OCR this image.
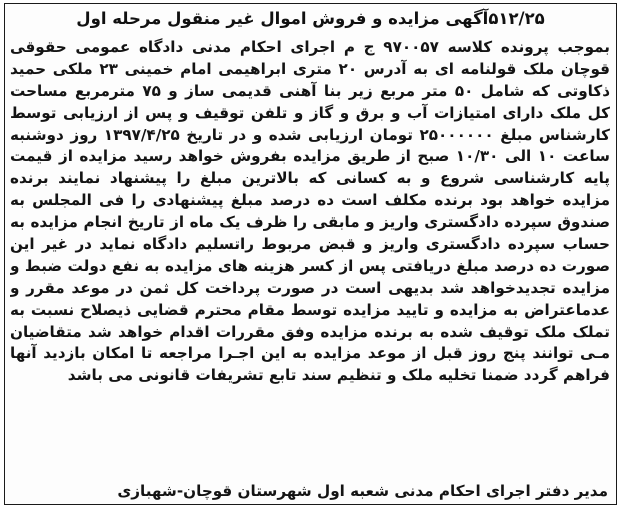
۵۱۲/۲۵آگهی مزایده و فروش اموال غیر منقول مرحله اول
بموجب پرونده کلاسه ۹۷۰۰۵۷ ج م اجرای احکام مدنی دادگاه عمومی حقوقی
قوچان ملک قولنامه ای به آدرس ۲۰ متری ابراهیمی امام خمینی ۲۳ ملکی حمید
ذکاوتی که شامل ۵۰ متر مربع زیر بنا آهنی قدیمی ساز و ۷۵ مترمربع مساحت
کل ملک دارای امتیازات آب و برق و گاز و تلفن توقیف و پس از ارزیابی توسط
کارشناس مبلغ ۲۵۰۰۰۰۰۰ تومان ارزیابی شده و در تاریخ ۱۳۹۷/۴/۲۵ روز دوشنبه
ساعت ۱۰ الی ۱۰/۳۰ صبح از طریق مزایده بفروش خواهد رسید مزایده از قیمت
پایه کارشناسی شروع و به کسانی که بالاترین مبلغ را پیشنهاد نمایند برنده
مزایده خواهد بود برنده مکلف است ده درصد مبلغ پیشنهادی را فی المجلس به
صندوق سپرده دادگستری واریز و مابقی را ظرف یک ماه از تاریخ انجام مزایده به
حساب سپرده دادگستری واریز و قبض مربوط راتسلیم دادگاه نماید در غیر این
صورت ده درصد مبلغ دریافتی پس از کسر هزینه های مزایده به نفع دولت ضبط و
مزایده تجدیدخواهد شد بدیهی است در صورت پرداخت کل ثمن در موعد مقرر و
عدماعتراض به مزایده و تایید مزایده توسط مقام محترم قضایی ذیصلاح نسبت به
تملک ملک توقیف شده به برنده مزایده وفق مقررات اقدام خواهد شد متقاضیان
مـی توانند پنج روز قبل از موعد مزایده به این اجـرا مراجعه تا امکان بازدید آنها
فراهم گردد ضمنا تخلیه ملک و تنظیم سند تابع تشریفات قانونی می باشد
مدیر دفتر اجرای احکام مدنی شعبه اول شهرستان قوچان-شهبازی
